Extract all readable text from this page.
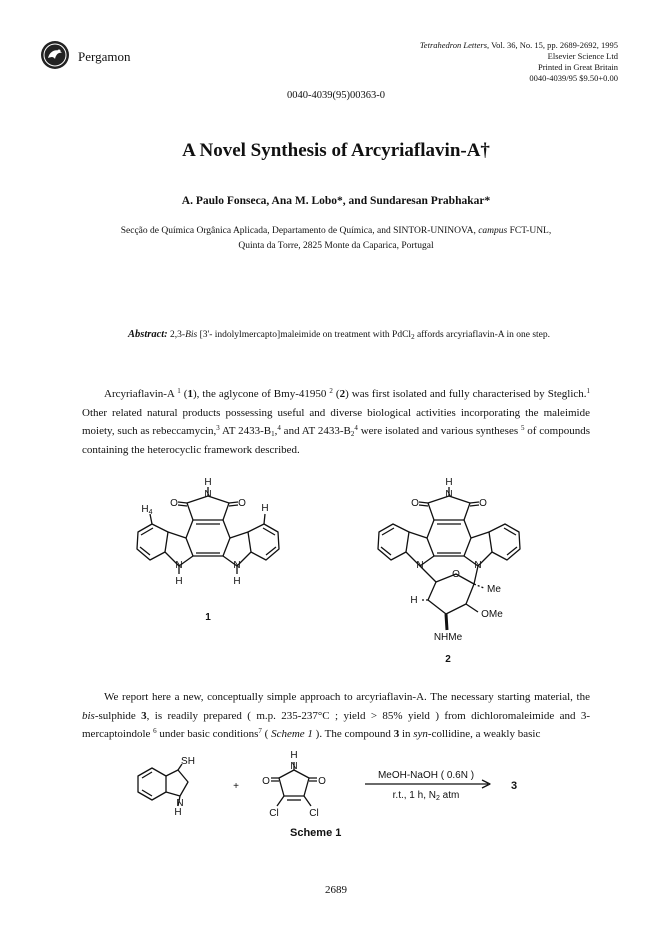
Pergamon
Tetrahedron Letters, Vol. 36, No. 15, pp. 2689-2692, 1995
Elsevier Science Ltd
Printed in Great Britain
0040-4039/95 $9.50+0.00
0040-4039(95)00363-0
A Novel Synthesis of Arcyriaflavin-A†
A. Paulo Fonseca, Ana M. Lobo*, and Sundaresan Prabhakar*
Secção de Química Orgânica Aplicada, Departamento de Química, and SINTOR-UNINOVA, campus FCT-UNL,
Quinta da Torre, 2825 Monte da Caparica, Portugal
Abstract: 2,3-Bis [3'- indolylmercapto]maleimide on treatment with PdCl$_2$ affords arcyriaflavin-A in one step.
Arcyriaflavin-A $^1$ (1), the aglycone of Bmy-41950 $^2$ (2) was first isolated and fully characterised by Steglich.$^1$ Other related natural products possessing useful and diverse biological activities incorporating the maleimide moiety, such as rebeccamycin,$^3$ AT $2433-B_1,^4$ and AT $2433-B_2^4$ were isolated and various syntheses $^5$ of compounds containing the heterocyclic framework described.
O
N
H
O
$H_4$	H
N	N
H	H
1
O
N
H
O
N	N
O
H
Me
OMe
NHMe
2
SH
N
H
+ O
N
H
O
Cl	Cl
MeOH-NaOH ( 0.6N )
r.t., 1 h, $N_2$ atm
3
We report here a new, conceptually simple approach to arcyriaflavin-A. The necessary starting material, the bis-sulphide 3, is readily prepared ( m.p. 235-237°C ; yield > 85% yield ) from dichloromaleimide and 3-mercaptoindole $^6$ under basic conditions$^7$ ( Scheme 1 ). The compound 3 in syn-collidine, a weakly basic
Scheme 1
2689
